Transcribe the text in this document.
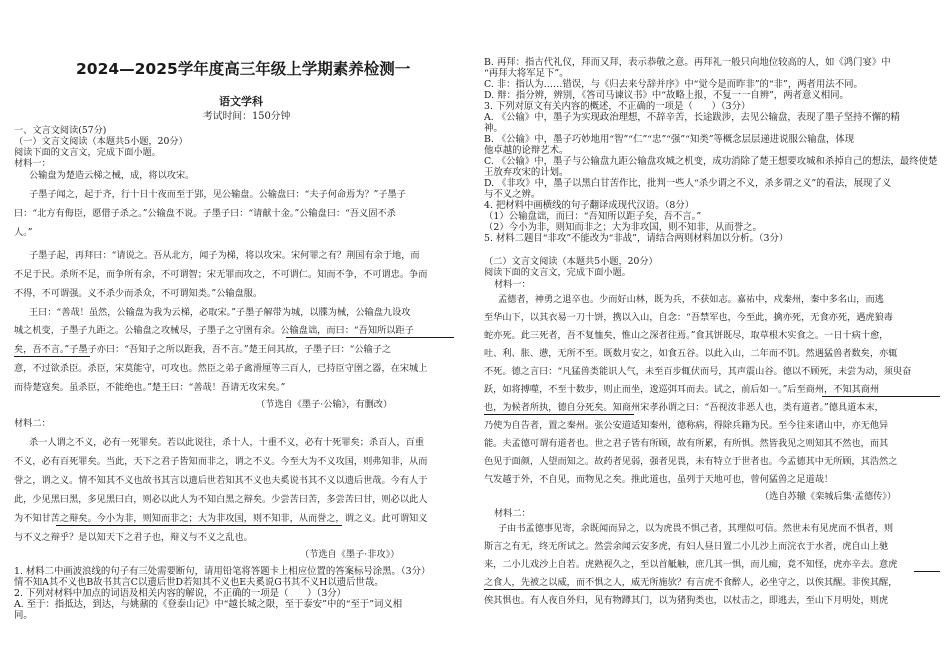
2024—2025学年度高三年级上学期素养检测一
语文学科
考试时间：150分钟
一、文言文阅读(57分)
（一）文言文阅读（本题共5小题，20分）
阅读下面的文言文，完成下面小题。
材料一：
公输盘为楚造云梯之械，成，将以攻宋。
子墨子闻之，起于齐，行十日十夜而至于郢，见公输盘。公输盘曰：“夫子何命焉为？”子墨子
曰：“北方有侮臣，愿借子杀之。”公输盘不说。子墨子曰：“请献十金。”公输盘曰：“吾义固不杀
人。”
子墨子起，再拜曰：“请说之。吾从北方，闻子为梯，将以攻宋。宋何罪之有？荆国有余于地，而
不足于民。杀所不足，而争所有余，不可谓智；宋无罪而攻之，不可谓仁。知而不争，不可谓忠。争而
不得，不可谓强。义不杀少而杀众，不可谓知类。”公输盘服。
王曰：“善哉！虽然，公输盘为我为云梯，必取宋。”子墨子解带为城，以牒为械，公输盘九设攻
城之机变，子墨子九距之。公输盘之攻械尽，子墨子之守圉有余。公输盘诎，而曰：“吾知所以距子
矣，吾不言。”子墨子亦曰：“吾知子之所以距我，吾不言。”楚王问其故，子墨子曰：“公输子之
意，不过欲杀臣。杀臣，宋莫能守，可攻也。然臣之弟子禽滑厘等三百人，已持臣守圉之器，在宋城上
而待楚寇矣。虽杀臣，不能绝也。”楚王曰：“善哉！吾请无攻宋矣。”
（节选自《墨子·公输》，有删改）
材料二：
杀一人谓之不义，必有一死罪矣。若以此说往，杀十人，十重不义，必有十死罪矣；杀百人，百重
不义，必有百死罪矣。当此，天下之君子皆知而非之，谓之不义。今至大为不义攻国，则弗知非，从而
誉之，谓之义。情不知其不义也故书其言以遗后世若知其不义也夫奚说书其不义以遗后世哉。今有人于
此，少见黑曰黑，多见黑曰白，则必以此人为不知白黑之辩矣。少尝苦曰苦，多尝苦曰甘，则必以此人
为不知甘苦之辩矣。今小为非，则知而非之；大为非攻国，则不知非，从而誉之，谓之义。此可谓知义
与不义之辩乎？是以知天下之君子也，辩义与不义之乱也。
（节选自《墨子·非攻》）
1. 材料二中画波浪线的句子有三处需要断句，请用铅笔将答题卡上相应位置的答案标号涂黑。（3分）
情不知A其不义也B故书其言C以遗后世D若知其不义也E夫奚说G书其不义H以遗后世哉。
2. 下列对材料中加点的词语及相关内容的解说，不正确的一项是（　　）（3分）
A. 至于：指抵达，到达，与姚鼐的《登泰山记》中“越长城之限，至于泰安”中的“至于”词义相
同。
B. 再拜：指古代礼仪，拜而又拜，表示恭敬之意。再拜礼一般只向地位较高的人，如《鸿门宴》中
“再拜大将军足下”。
C. 非：指认为……错误，与《归去来兮辞并序》中“觉今是而昨非”的“非”，两者用法不同。
D. 辩：指分辨，辨别，《答司马谏议书》中“故略上报，不复一一自辨”，两者意义相同。
3. 下列对原文有关内容的概述，不正确的一项是（　　）（3分）
A. 《公输》中，墨子为实现政治理想，不辞辛苦，长途跋涉，去见公输盘，表现了墨子坚持不懈的精
神。
B. 《公输》中，墨子巧妙地用“智”“仁”“忠”“强”“知类”等概念层层递进说服公输盘，体现
他卓越的论辩艺术。
C. 《公输》中，墨子与公输盘九距公输盘攻城之机变，成功消除了楚王想要攻城和杀掉自己的想法，最终使楚
王放弃攻宋的计划。
D. 《非攻》中，墨子以黑白甘苦作比，批判一些人“杀少谓之不义，杀多谓之义”的看法，展现了义
与不义之辨。
4. 把材料中画横线的句子翻译成现代汉语。（8分）
（1）公输盘诎，而曰：“吾知所以距子矣，吾不言。”
（2）今小为非，则知而非之；大为非攻国，则不知非，从而誉之。
5. 材料二题目“非攻”不能改为“非战”，请结合两则材料加以分析。（3分）
（二）文言文阅读（本题共5小题，20分）
阅读下面的文言文，完成下面小题。
材料一：
孟德者，神勇之退卒也。少而好山林，既为兵，不获如志。嘉祐中，戍秦州，秦中多名山，而逃
至华山下，以其衣易一刀十饼，携以入山，自念：“吾禁军也，今至此，擒亦死，无食亦死，遇虎狼毒
蛇亦死。此三死者，吾不复恤矣，惟山之深者往焉。”食其饼既尽，取草根木实食之。一日十病十愈，
吐、利、胀、懑，无所不至。既数月安之，如食五谷。以此入山，二年而不饥。然遇猛兽者数矣，亦辄
不死。德之言曰：“凡猛兽类能识人气，未至百步辄伏而号，其声震山谷。德以不顾死，未尝为动，须臾奋
跃，如将搏噬，不至十数步，则止而坐，逡巡弭耳而去。试之，前后如一。”后至商州，不知其商州
也，为候者所执，德自分死矣。知商州宋孝孙谓之曰：“吾视汝非恶人也，类有道者。”德具道本末，
乃使为自告者，置之秦州。张公安道适知秦州，德称病，得除兵籍为民。至今往来诸山中，亦无他异
能。夫孟德可谓有道者也。世之君子皆有所顾，故有所累，有所惧。然皆我见之则知其不然也，而其
色见于面颜，人望而知之。故药者见弱，强者见畏，未有特立于世者也。今孟德其中无所顾，其浩然之
气发越于外，不自见，而物见之矣。推此道也，虽列于天地可也，曾何猛兽之足道哉！
（选自苏辙《栾城后集·孟德传》）
材料二：
子由书孟德事见寄，余既闻而异之，以为虎畏不惧己者，其理似可信。然世未有见虎而不惧者，则
斯言之有无，终无所试之。然尝余闻云安多虎，有妇人昼日置二小儿沙上而浣衣于水者，虎自山上驰
来，二小儿戏沙上自若。虎熟视久之，至以首觝触，庶几其一惧，而儿痴，竟不知怪，虎亦辛去。意虎
之食人，先被之以威，而不惧之人，威无所施欤？有言虎不食醉人，必坐守之，以俟其醒。非俟其醒，
俟其惧也。有人夜自外归，见有物蹲其门，以为猪狗类也，以杖击之，即逃去，至山下月明处，则虎
